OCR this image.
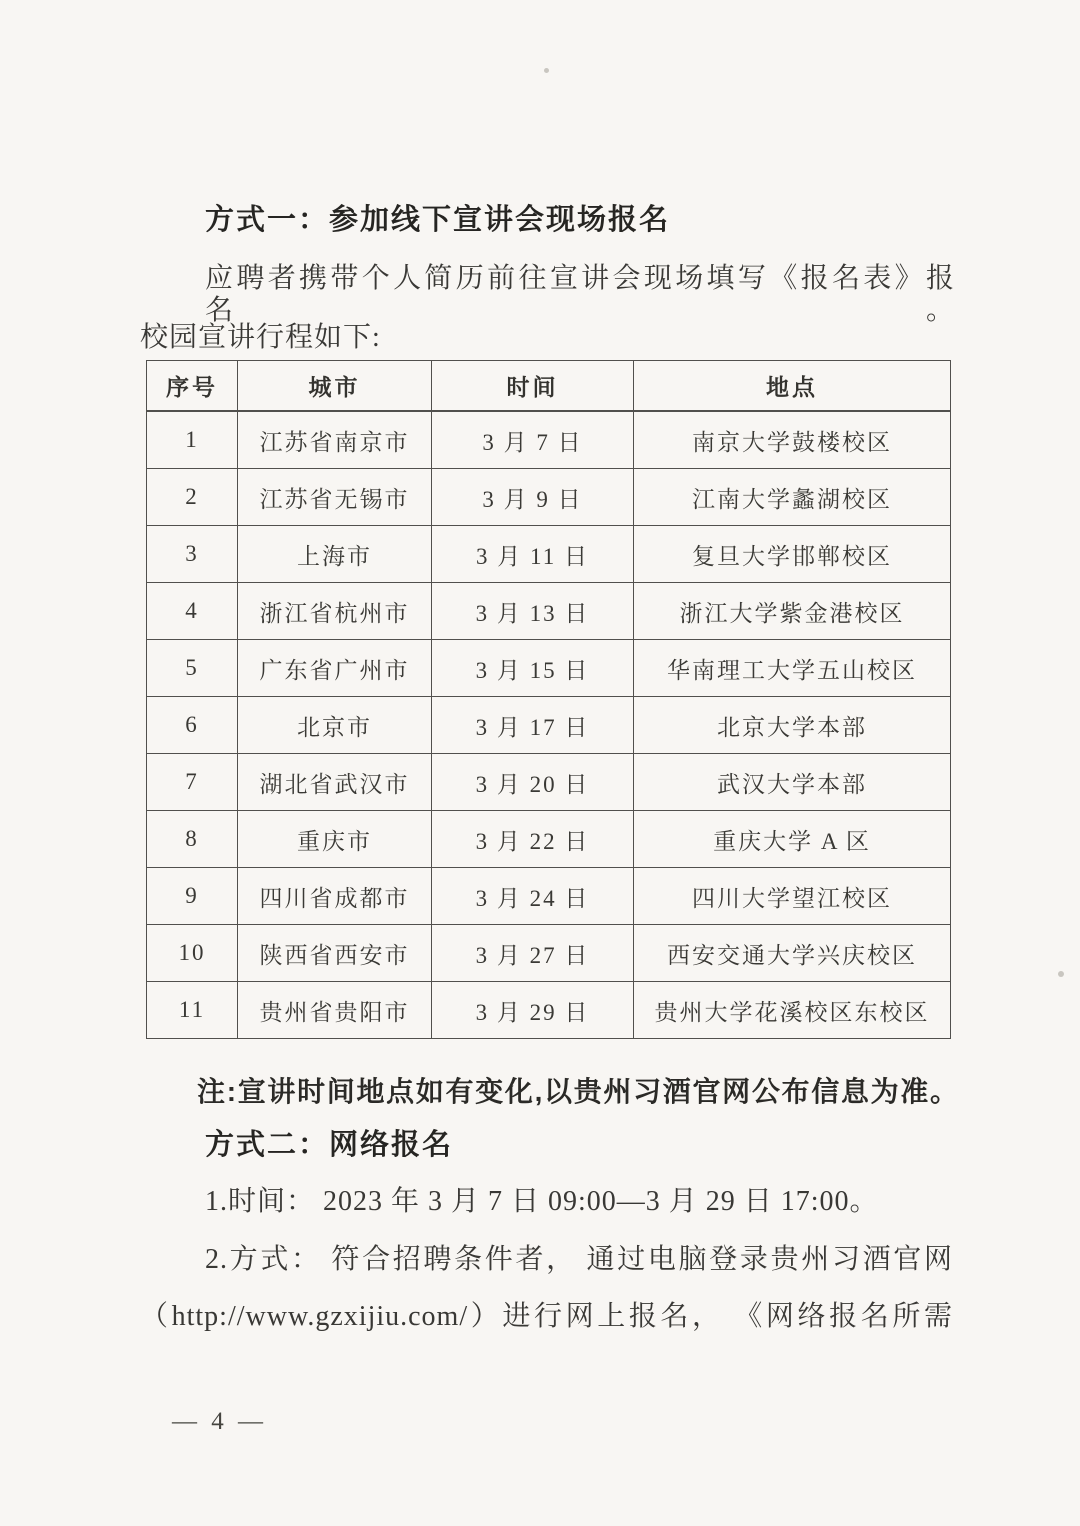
方式一：参加线下宣讲会现场报名
应聘者携带个人简历前往宣讲会现场填写《报名表》报名。
校园宣讲行程如下:
序号	城市	时间	地点
1	江苏省南京市	3 月 7 日	南京大学鼓楼校区
2	江苏省无锡市	3 月 9 日	江南大学蠡湖校区
3	上海市	3 月 11 日	复旦大学邯郸校区
4	浙江省杭州市	3 月 13 日	浙江大学紫金港校区
5	广东省广州市	3 月 15 日	华南理工大学五山校区
6	北京市	3 月 17 日	北京大学本部
7	湖北省武汉市	3 月 20 日	武汉大学本部
8	重庆市	3 月 22 日	重庆大学 A 区
9	四川省成都市	3 月 24 日	四川大学望江校区
10	陕西省西安市	3 月 27 日	西安交通大学兴庆校区
11	贵州省贵阳市	3 月 29 日	贵州大学花溪校区东校区
注:宣讲时间地点如有变化,以贵州习酒官网公布信息为准。
方式二：网络报名
1.时间： 2023 年 3 月 7 日 09:00—3 月 29 日 17:00。
2.方式： 符合招聘条件者， 通过电脑登录贵州习酒官网
（http://www.gzxijiu.com/）进行网上报名， 《网络报名所需
— 4 —
